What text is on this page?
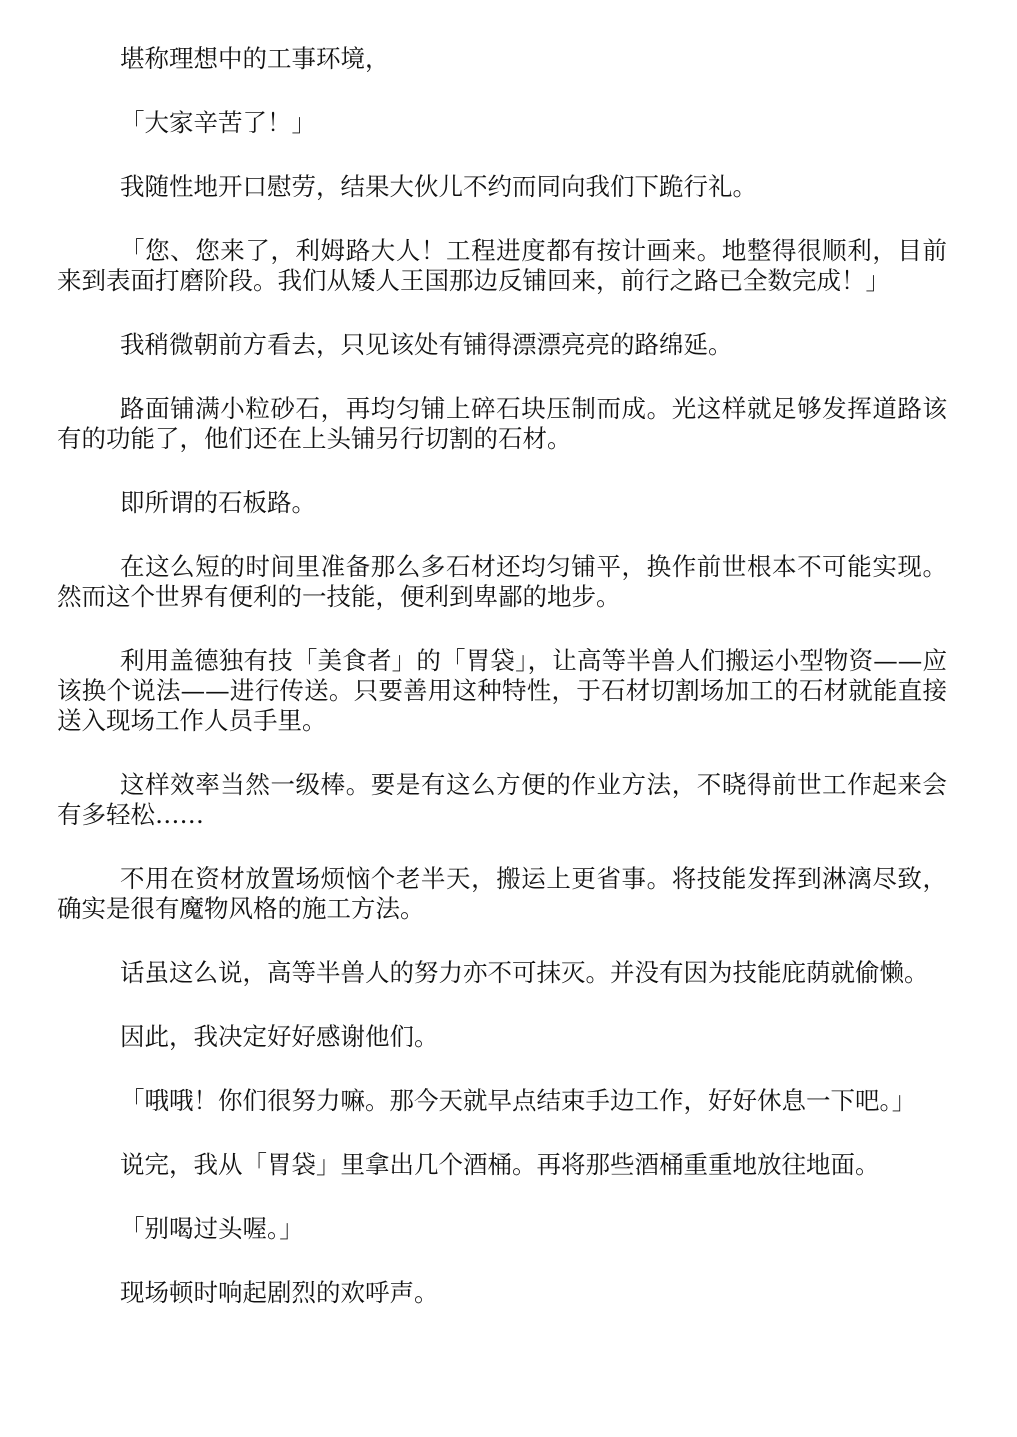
堪称理想中的工事环境，

「大家辛苦了！」

我随性地开口慰劳，结果大伙儿不约而同向我们下跪行礼。

「您、您来了，利姆路大人！工程进度都有按计画来。地整得很顺利，目前来到表面打磨阶段。我们从矮人王国那边反铺回来，前行之路已全数完成！」

我稍微朝前方看去，只见该处有铺得漂漂亮亮的路绵延。

路面铺满小粒砂石，再均匀铺上碎石块压制而成。光这样就足够发挥道路该有的功能了，他们还在上头铺另行切割的石材。

即所谓的石板路。

在这么短的时间里准备那么多石材还均匀铺平，换作前世根本不可能实现。然而这个世界有便利的一技能，便利到卑鄙的地步。

利用盖德独有技「美食者」的「胃袋」，让高等半兽人们搬运小型物资——应该换个说法——进行传送。只要善用这种特性，于石材切割场加工的石材就能直接送入现场工作人员手里。

这样效率当然一级棒。要是有这么方便的作业方法，不晓得前世工作起来会有多轻松……

不用在资材放置场烦恼个老半天，搬运上更省事。将技能发挥到淋漓尽致，确实是很有魔物风格的施工方法。

话虽这么说，高等半兽人的努力亦不可抹灭。并没有因为技能庇荫就偷懒。

因此，我决定好好感谢他们。

「哦哦！你们很努力嘛。那今天就早点结束手边工作，好好休息一下吧。」

说完，我从「胃袋」里拿出几个酒桶。再将那些酒桶重重地放往地面。

「别喝过头喔。」

现场顿时响起剧烈的欢呼声。
